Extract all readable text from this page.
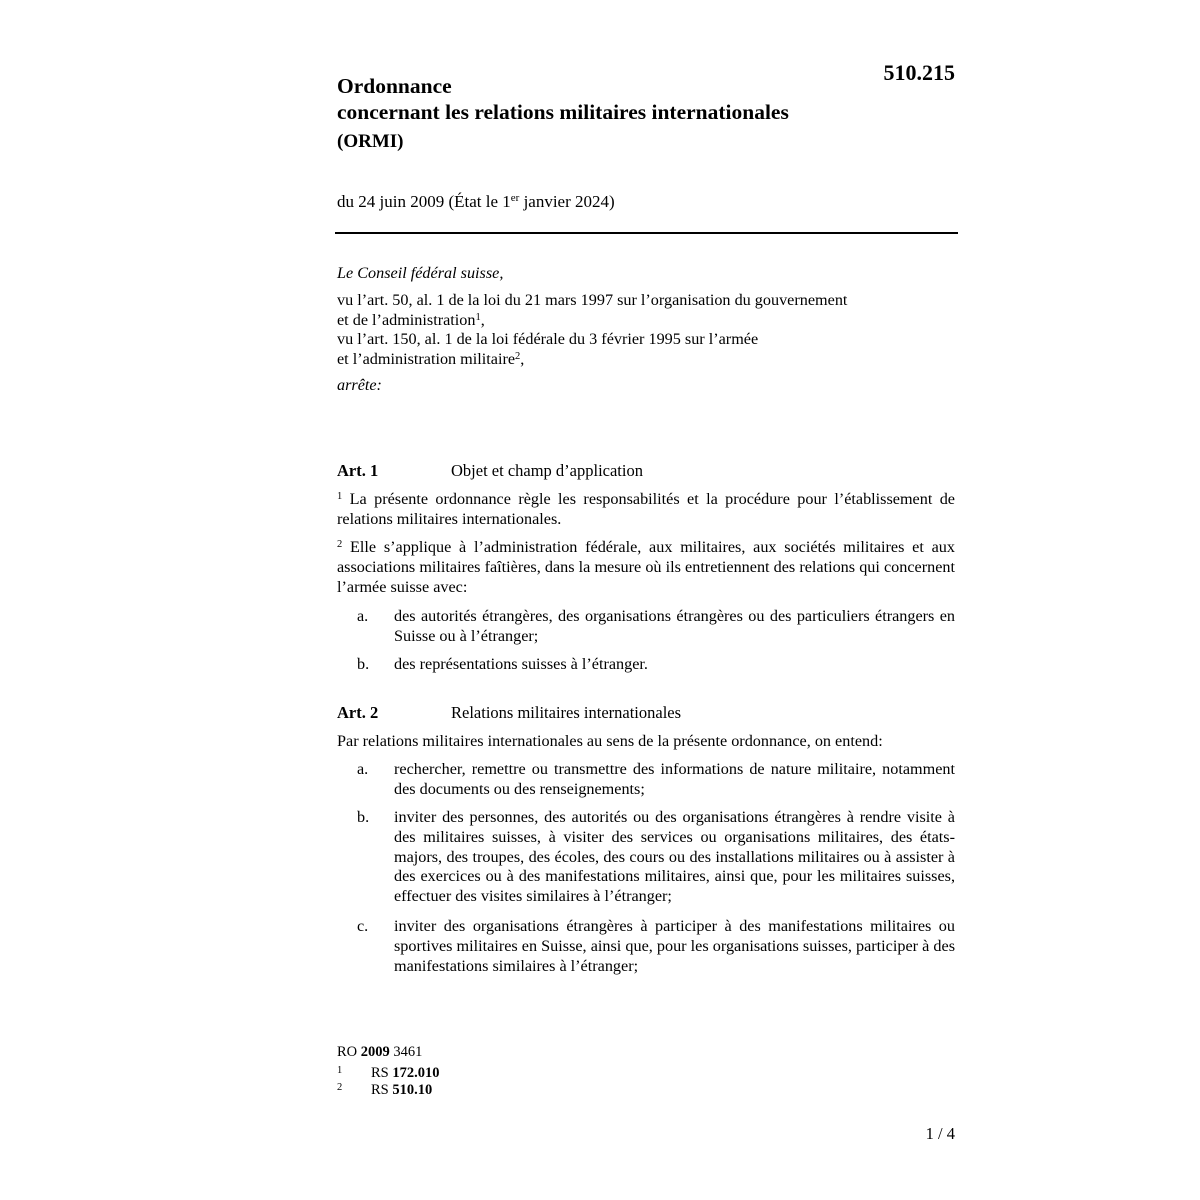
510.215
Ordonnance
concernant les relations militaires internationales
(ORMI)
du 24 juin 2009 (État le 1er janvier 2024)
Le Conseil fédéral suisse,
vu l’art. 50, al. 1 de la loi du 21 mars 1997 sur l’organisation du gouvernement
et de l’administration$^1$,
vu l’art. 150, al. 1 de la loi fédérale du 3 février 1995 sur l’armée
et l’administration militaire$^2$,
arrête:
Art. 1	Objet et champ d’application
$^1$ La présente ordonnance règle les responsabilités et la procédure pour l’établissement de relations militaires internationales.
$^2$ Elle s’applique à l’administration fédérale, aux militaires, aux sociétés militaires et aux associations militaires faîtières, dans la mesure où ils entretiennent des relations qui concernent l’armée suisse avec:
a. des autorités étrangères, des organisations étrangères ou des particuliers étrangers en Suisse ou à l’étranger;
b. des représentations suisses à l’étranger.
Art. 2	Relations militaires internationales
Par relations militaires internationales au sens de la présente ordonnance, on entend:
a. rechercher, remettre ou transmettre des informations de nature militaire, notamment des documents ou des renseignements;
b. inviter des personnes, des autorités ou des organisations étrangères à rendre visite à des militaires suisses, à visiter des services ou organisations militaires, des états-majors, des troupes, des écoles, des cours ou des installations militaires ou à assister à des exercices ou à des manifestations militaires, ainsi que, pour les militaires suisses, effectuer des visites similaires à l’étranger;
c. inviter des organisations étrangères à participer à des manifestations militaires ou sportives militaires en Suisse, ainsi que, pour les organisations suisses, participer à des manifestations similaires à l’étranger;
RO 2009 3461
1 RS 172.010
2 RS 510.10
1 / 4
